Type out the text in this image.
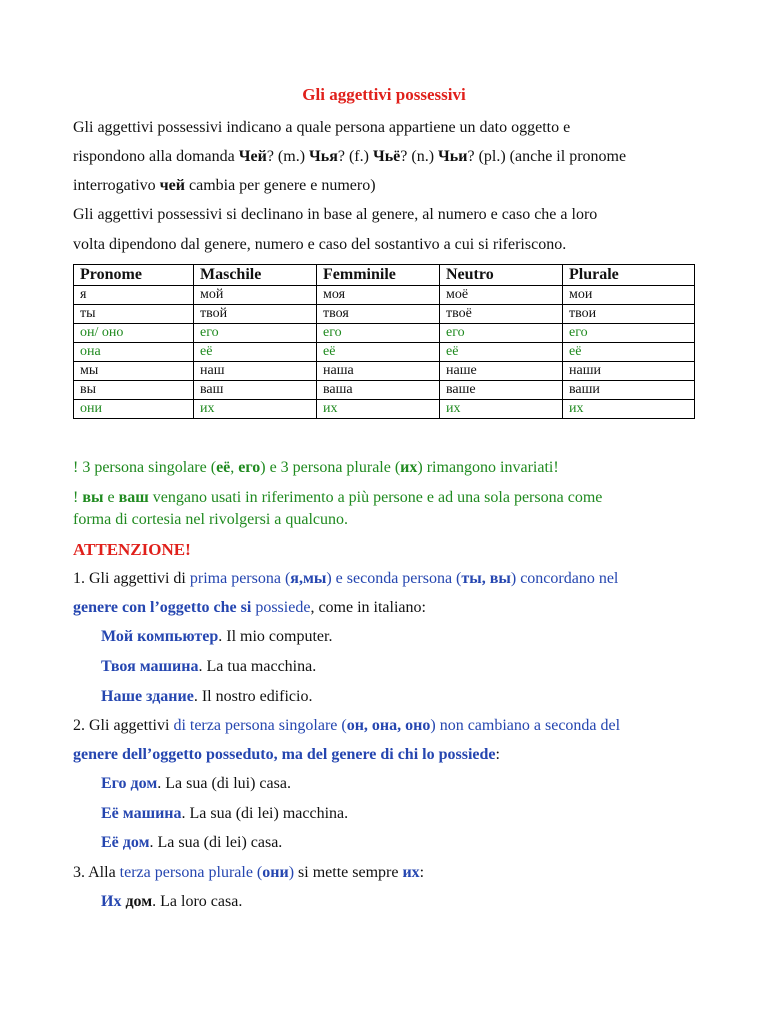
Gli aggettivi possessivi
Gli aggettivi possessivi indicano a quale persona appartiene un dato oggetto e
rispondono alla domanda Чей? (m.) Чья? (f.) Чьё? (n.) Чьи? (pl.) (anche il pronome
interrogativo чей cambia per genere e numero)
Gli aggettivi possessivi si declinano in base al genere, al numero e caso che a loro
volta dipendono dal genere, numero e caso del sostantivo a cui si riferiscono.
Pronome	Maschile	Femminile	Neutro	Plurale
я	мой	моя	моё	мои
ты	твой	твоя	твоё	твои
он/ оно	его	его	его	его
она	её	её	её	её
мы	наш	наша	наше	наши
вы	ваш	ваша	ваше	ваши
они	их	их	их	их
! 3 persona singolare (её, его) e 3 persona plurale (их) rimangono invariati!
! вы e ваш vengano usati in riferimento a più persone e ad una sola persona come
forma di cortesia nel rivolgersi a qualcuno.
ATTENZIONE!
1. Gli aggettivi di prima persona (я,мы) e seconda persona (ты, вы) concordano nel
genere con l’oggetto che si possiede, come in italiano:
Мой компьютер. Il mio computer.
Твоя машина. La tua macchina.
Наше здание. Il nostro edificio.
2. Gli aggettivi di terza persona singolare (он, она, оно) non cambiano a seconda del
genere dell’oggetto posseduto, ma del genere di chi lo possiede:
Его дом. La sua (di lui) casa.
Её машина. La sua (di lei) macchina.
Её дом. La sua (di lei) casa.
3. Alla terza persona plurale (они) si mette sempre их:
Их дом. La loro casa.
